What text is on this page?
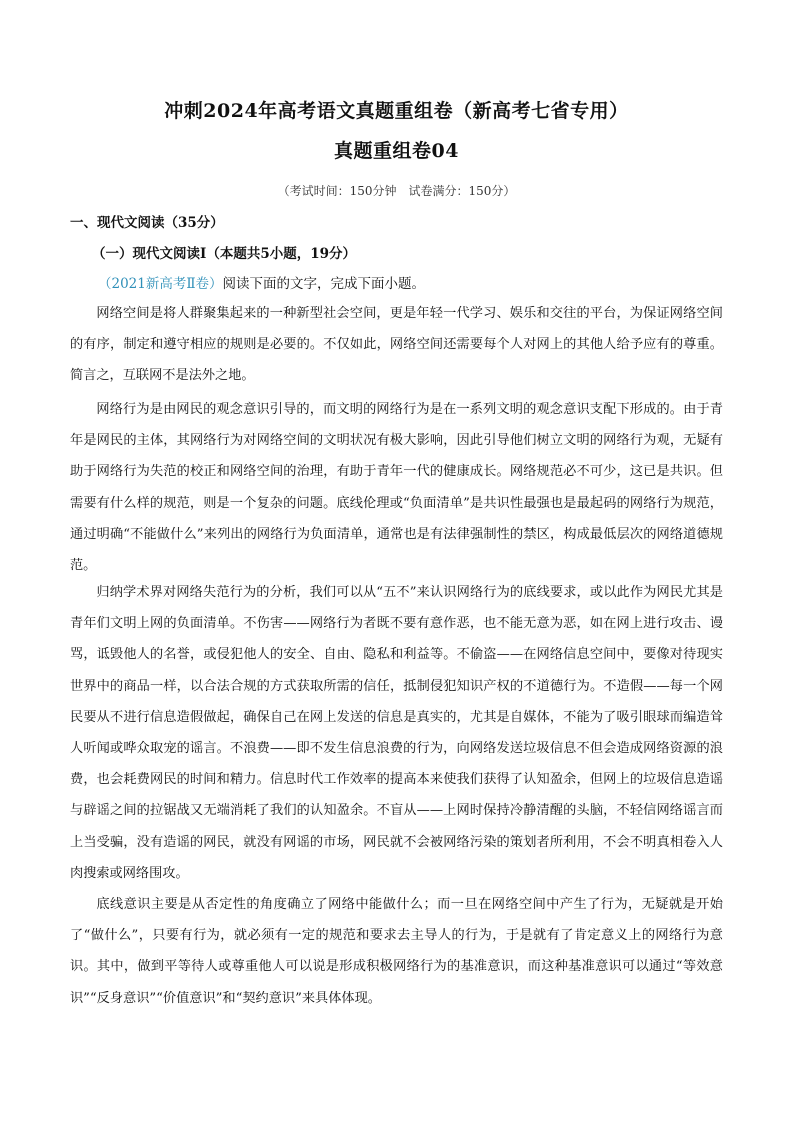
冲刺2024年高考语文真题重组卷（新高考七省专用）
真题重组卷04
（考试时间：150分钟　试卷满分：150分）
一、现代文阅读（35分）
（一）现代文阅读Ⅰ（本题共5小题，19分）
（2021新高考Ⅱ卷）阅读下面的文字，完成下面小题。

网络空间是将人群聚集起来的一种新型社会空间，更是年轻一代学习、娱乐和交往的平台，为保证网络空间的有序，制定和遵守相应的规则是必要的。不仅如此，网络空间还需要每个人对网上的其他人给予应有的尊重。简言之，互联网不是法外之地。

网络行为是由网民的观念意识引导的，而文明的网络行为是在一系列文明的观念意识支配下形成的。由于青年是网民的主体，其网络行为对网络空间的文明状况有极大影响，因此引导他们树立文明的网络行为观，无疑有助于网络行为失范的校正和网络空间的治理，有助于青年一代的健康成长。网络规范必不可少，这已是共识。但需要有什么样的规范，则是一个复杂的问题。底线伦理或“负面清单”是共识性最强也是最起码的网络行为规范，通过明确“不能做什么”来列出的网络行为负面清单，通常也是有法律强制性的禁区，构成最低层次的网络道德规范。

归纳学术界对网络失范行为的分析，我们可以从“五不”来认识网络行为的底线要求，或以此作为网民尤其是青年们文明上网的负面清单。不伤害——网络行为者既不要有意作恶，也不能无意为恶，如在网上进行攻击、谩骂，诋毁他人的名誉，或侵犯他人的安全、自由、隐私和利益等。不偷盗——在网络信息空间中，要像对待现实世界中的商品一样，以合法合规的方式获取所需的信任，抵制侵犯知识产权的不道德行为。不造假——每一个网民要从不进行信息造假做起，确保自己在网上发送的信息是真实的，尤其是自媒体，不能为了吸引眼球而编造耸人听闻或哗众取宠的谣言。不浪费——即不发生信息浪费的行为，向网络发送垃圾信息不但会造成网络资源的浪费，也会耗费网民的时间和精力。信息时代工作效率的提高本来使我们获得了认知盈余，但网上的垃圾信息造谣与辟谣之间的拉锯战又无端消耗了我们的认知盈余。不盲从——上网时保持冷静清醒的头脑，不轻信网络谣言而上当受骗，没有造谣的网民，就没有网谣的市场，网民就不会被网络污染的策划者所利用，不会不明真相卷入人肉搜索或网络围攻。

底线意识主要是从否定性的角度确立了网络中能做什么；而一旦在网络空间中产生了行为，无疑就是开始了“做什么”，只要有行为，就必须有一定的规范和要求去主导人的行为，于是就有了肯定意义上的网络行为意识。其中，做到平等待人或尊重他人可以说是形成积极网络行为的基准意识，而这种基准意识可以通过“等效意识”“反身意识”“价值意识”和“契约意识”来具体体现。
